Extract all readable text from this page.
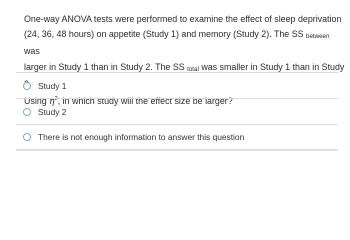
One-way ANOVA tests were performed to examine the effect of sleep deprivation
(24, 36, 48 hours) on appetite (Study 1) and memory (Study 2). The SS $_{between}$ was
larger in Study 1 than in Study 2. The SS $_{total}$ was smaller in Study 1 than in Study
Using $\eta^2$, in which study will the effect size be larger?
Study 1
Study 2
There is not enough information to answer this question
